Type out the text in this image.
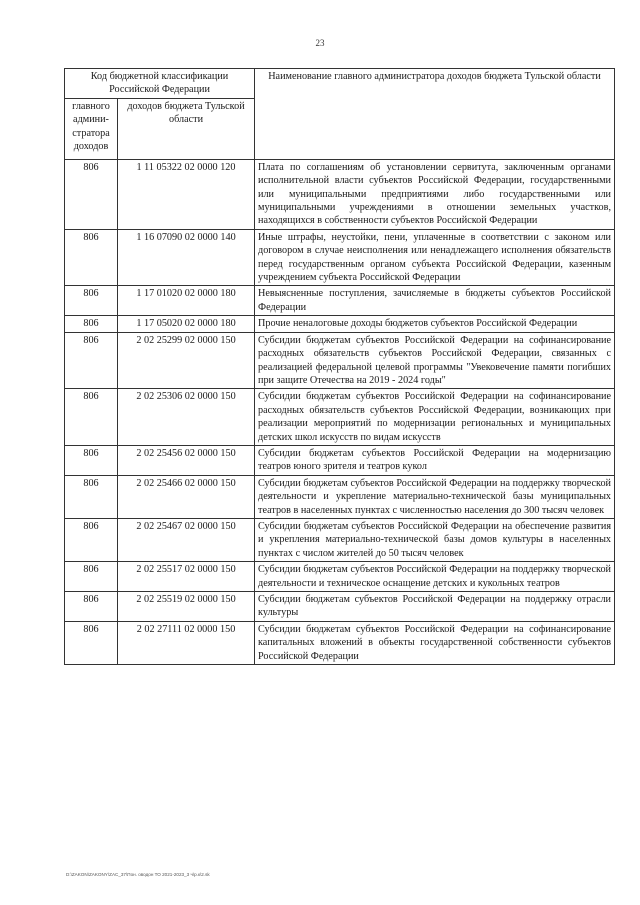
23
Код бюджетной классификации Российской Федерации		Наименование главного администратора доходов бюджета Тульской области
главного админи-стратора доходов	доходов бюджета Тульской области	
806	1 11 05322 02 0000 120	Плата по соглашениям об установлении сервитута, заключенным органами исполнительной власти субъектов Российской Федерации, государственными или муниципальными предприятиями либо государственными или муниципальными учреждениями в отношении земельных участков, находящихся в собственности субъектов Российской Федерации
806	1 16 07090 02 0000 140	Иные штрафы, неустойки, пени, уплаченные в соответствии с законом или договором в случае неисполнения или ненадлежащего исполнения обязательств перед государственным органом субъекта Российской Федерации, казенным учреждением субъекта Российской Федерации
806	1 17 01020 02 0000 180	Невыясненные поступления, зачисляемые в бюджеты субъектов Российской Федерации
806	1 17 05020 02 0000 180	Прочие неналоговые доходы бюджетов субъектов Российской Федерации
806	2 02 25299 02 0000 150	Субсидии бюджетам субъектов Российской Федерации на софинансирование расходных обязательств субъектов Российской Федерации, связанных с реализацией федеральной целевой программы "Увековечение памяти погибших при защите Отечества на 2019 - 2024 годы"
806	2 02 25306 02 0000 150	Субсидии бюджетам субъектов Российской Федерации на софинансирование расходных обязательств субъектов Российской Федерации, возникающих при реализации мероприятий по модернизации региональных и муниципальных детских школ искусств по видам искусств
806	2 02 25456 02 0000 150	Субсидии бюджетам субъектов Российской Федерации на модернизацию театров юного зрителя и театров кукол
806	2 02 25466 02 0000 150	Субсидии бюджетам субъектов Российской Федерации на поддержку творческой деятельности и укрепление материально-технической базы муниципальных театров в населенных пунктах с численностью населения до 300 тысяч человек
806	2 02 25467 02 0000 150	Субсидии бюджетам субъектов Российской Федерации на обеспечение развития и укрепления материально-технической базы домов культуры в населенных пунктах с числом жителей до 50 тысяч человек
806	2 02 25517 02 0000 150	Субсидии бюджетам субъектов Российской Федерации на поддержку творческой деятельности и техническое оснащение детских и кукольных театров
806	2 02 25519 02 0000 150	Субсидии бюджетам субъектов Российской Федерации на поддержку отрасли культуры
806	2 02 27111 02 0000 150	Субсидии бюджетам субъектов Российской Федерации на софинансирование капитальных вложений в объекты государственной собственности субъектов Российской Федерации
D:\ZAKON\ZAKONY\ZAC_37\Пон. оводон ТО 2021-2023_3 ч\р.к\2.sk
